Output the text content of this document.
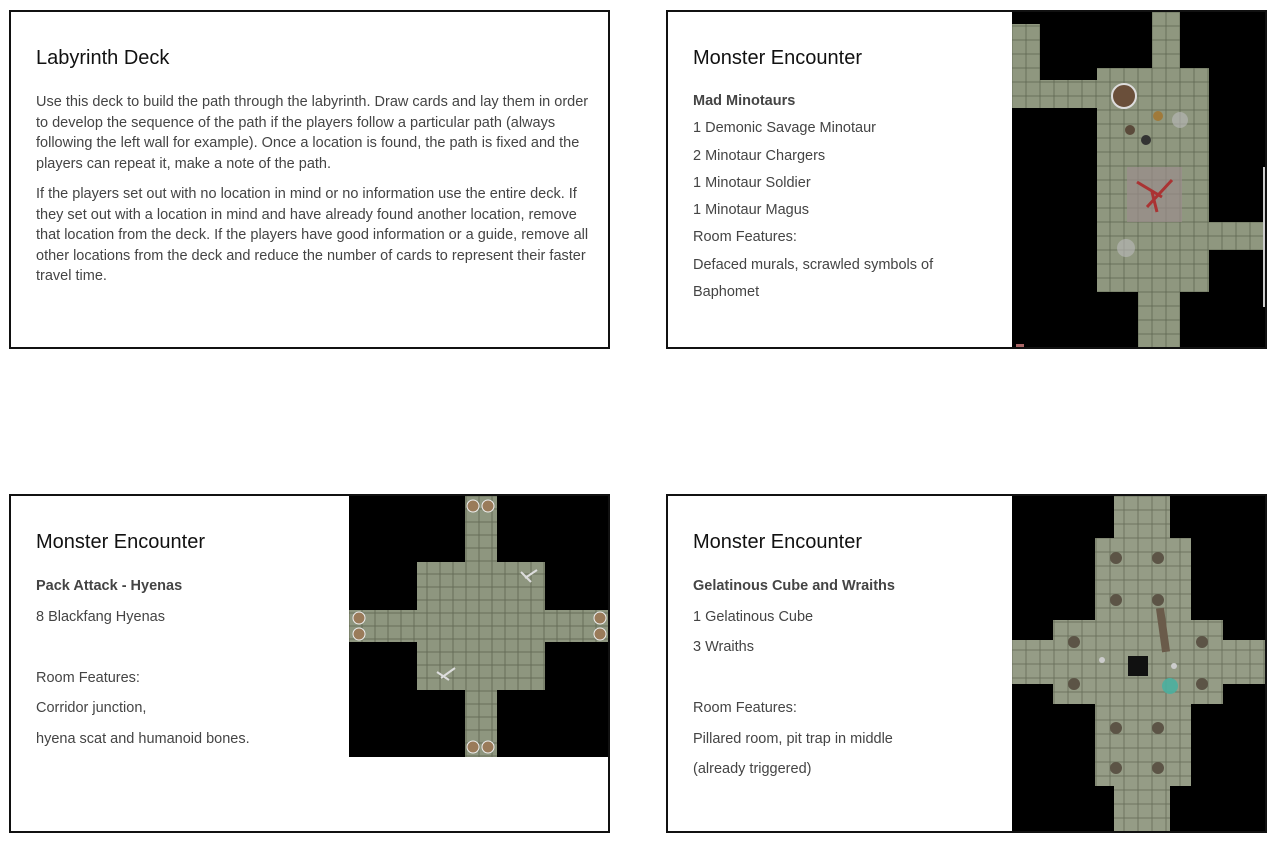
Labyrinth Deck

Use this deck to build the path through the labyrinth. Draw cards and lay them in order to develop the sequence of the path if the players follow a particular path (always following the left wall for example). Once a location is found, the path is fixed and the players can repeat it, make a note of the path.

If the players set out with no location in mind or no information use the entire deck. If they set out with a location in mind and have already found another location, remove that location from the deck. If the players have good information or a guide, remove all other locations from the deck and reduce the number of cards to represent their faster travel time.

Monster Encounter
Mad Minotaurs
1 Demonic Savage Minotaur
2 Minotaur Chargers
1 Minotaur Soldier
1 Minotaur Magus
Room Features:
Defaced murals, scrawled symbols of
Baphomet
Monster Encounter
Pack Attack - Hyenas
8 Blackfang Hyenas
Room Features:
Corridor junction,
hyena scat and humanoid bones.
Monster Encounter
Gelatinous Cube and Wraiths
1 Gelatinous Cube
3 Wraiths
Room Features:
Pillared room, pit trap in middle
(already triggered)
